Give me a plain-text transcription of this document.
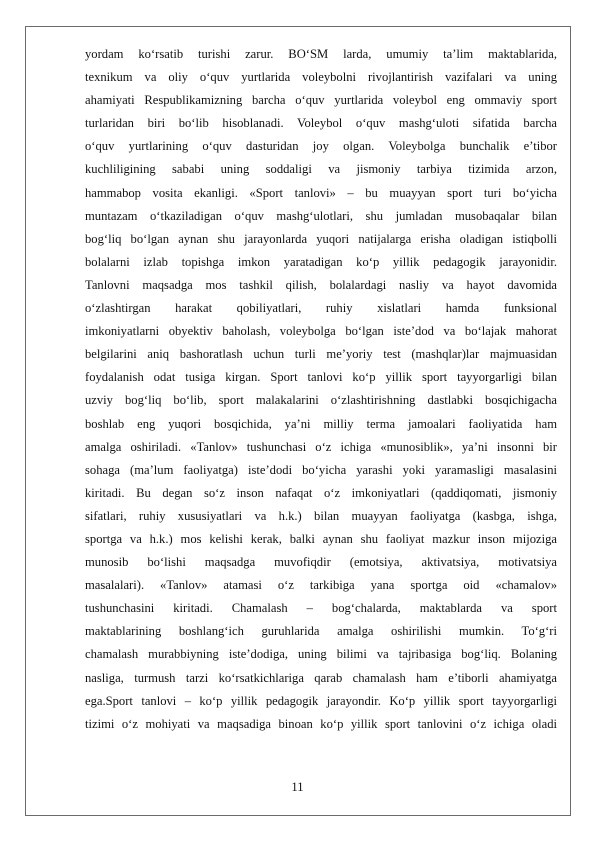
yordam ko‘rsatib turishi zarur. BO‘SM larda, umumiy ta’lim maktablarida,
texnikum va oliy o‘quv yurtlarida voleybolni rivojlantirish vazifalari va uning
ahamiyati Respublikamizning barcha o‘quv yurtlarida voleybol eng ommaviy sport
turlaridan biri bo‘lib hisoblanadi. Voleybol o‘quv mashg‘uloti sifatida barcha
o‘quv yurtlarining o‘quv dasturidan joy olgan. Voleybolga bunchalik e’tibor
kuchliligining sababi uning soddaligi va jismoniy tarbiya tizimida arzon,
hammabop vosita ekanligi. «Sport tanlovi» – bu muayyan sport turi bo‘yicha
muntazam o‘tkaziladigan o‘quv mashg‘ulotlari, shu jumladan musobaqalar bilan
bog‘liq bo‘lgan aynan shu jarayonlarda yuqori natijalarga erisha oladigan istiqbolli
bolalarni izlab topishga imkon yaratadigan ko‘p yillik pedagogik jarayonidir.
Tanlovni maqsadga mos tashkil qilish, bolalardagi nasliy va hayot davomida
o‘zlashtirgan harakat qobiliyatlari, ruhiy xislatlari hamda funksional
imkoniyatlarni obyektiv baholash, voleybolga bo‘lgan iste’dod va bo‘lajak mahorat
belgilarini aniq bashoratlash uchun turli me’yoriy test (mashqlar)lar majmuasidan
foydalanish odat tusiga kirgan. Sport tanlovi ko‘p yillik sport tayyorgarligi bilan
uzviy bog‘liq bo‘lib, sport malakalarini o‘zlashtirishning dastlabki bosqichigacha
boshlab eng yuqori bosqichida, ya’ni milliy terma jamoalari faoliyatida ham
amalga oshiriladi. «Tanlov» tushunchasi o‘z ichiga «munosiblik», ya’ni insonni bir
sohaga (ma’lum faoliyatga) iste’dodi bo‘yicha yarashi yoki yaramasligi masalasini
kiritadi. Bu degan so‘z inson nafaqat o‘z imkoniyatlari (qaddiqomati, jismoniy
sifatlari, ruhiy xususiyatlari va h.k.) bilan muayyan faoliyatga (kasbga, ishga,
sportga va h.k.) mos kelishi kerak, balki aynan shu faoliyat mazkur inson mijoziga
munosib bo‘lishi maqsadga muvofiqdir (emotsiya, aktivatsiya, motivatsiya
masalalari). «Tanlov» atamasi o‘z tarkibiga yana sportga oid «chamalov»
tushunchasini kiritadi. Chamalash – bog‘chalarda, maktablarda va sport
maktablarining boshlang‘ich guruhlarida amalga oshirilishi mumkin. To‘g‘ri
chamalash murabbiyning iste’dodiga, uning bilimi va tajribasiga bog‘liq. Bolaning
nasliga, turmush tarzi ko‘rsatkichlariga qarab chamalash ham e’tiborli ahamiyatga
ega.Sport tanlovi – ko‘p yillik pedagogik jarayondir. Ko‘p yillik sport tayyorgarligi
tizimi o‘z mohiyati va maqsadiga binoan ko‘p yillik sport tanlovini o‘z ichiga oladi
11
